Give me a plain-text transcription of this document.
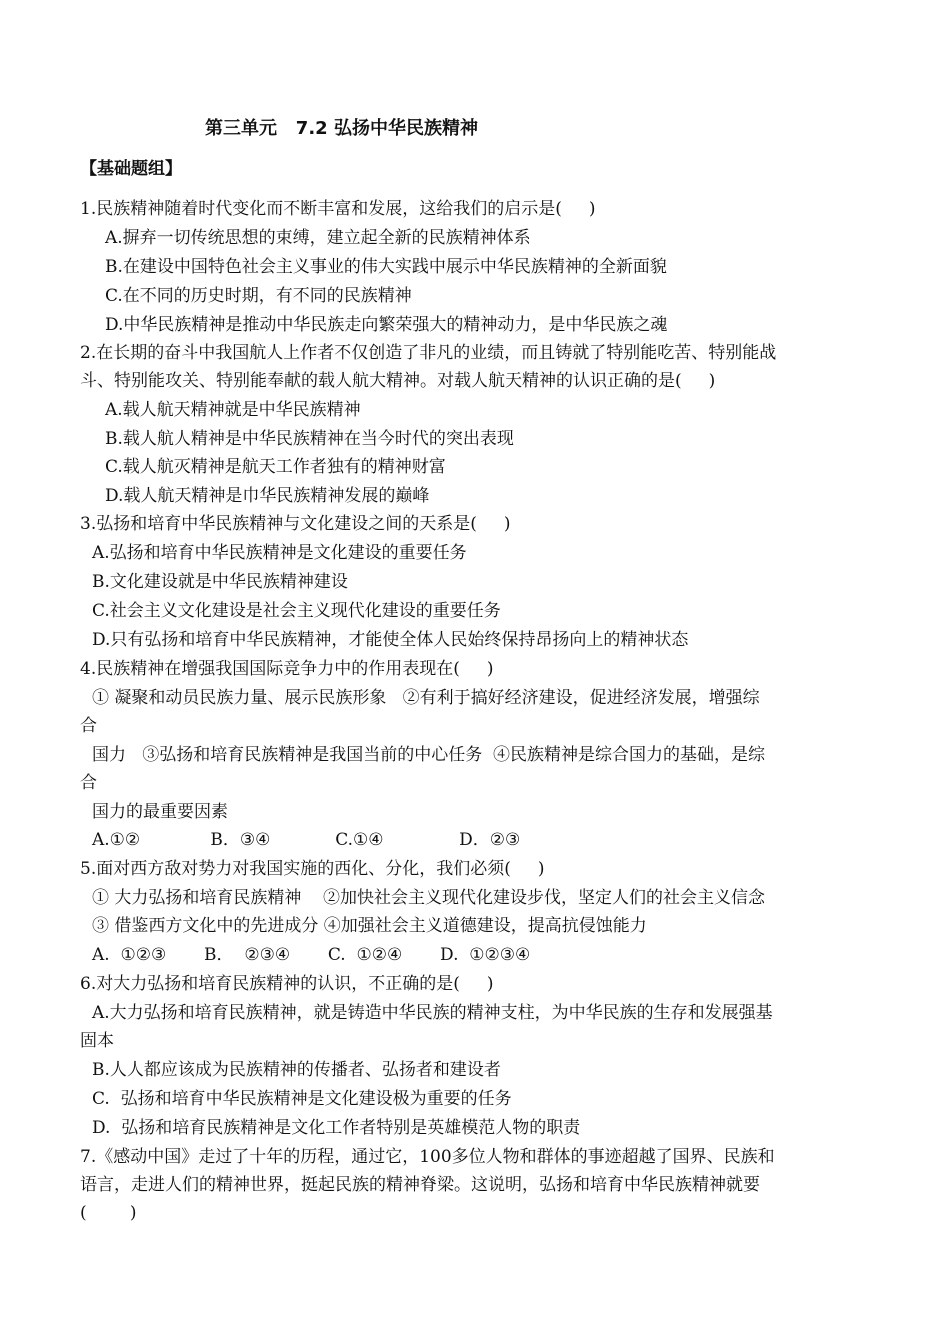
第三单元   7.2 弘扬中华民族精神
【基础题组】
1.民族精神随着时代变化而不断丰富和发展，这给我们的启示是(     )
A.摒弃一切传统思想的束缚，建立起全新的民族精神体系
B.在建设中国特色社会主义事业的伟大实践中展示中华民族精神的全新面貌
C.在不同的历史时期，有不同的民族精神
D.中华民族精神是推动中华民族走向繁荣强大的精神动力，是中华民族之魂
2.在长期的奋斗中我国航人上作者不仅创造了非凡的业绩，而且铸就了特别能吃苦、特别能战
斗、特别能攻关、特别能奉献的载人航大精神。对载人航天精神的认识正确的是(     )
A.载人航天精神就是中华民族精神
B.载人航人精神是中华民族精神在当今时代的突出表现
C.载人航灭精神是航天工作者独有的精神财富
D.载人航天精神是巾华民族精神发展的巅峰
3.弘扬和培育中华民族精神与文化建设之间的天系是(     )
A.弘扬和培育中华民族精神是文化建设的重要任务
B.文化建设就是中华民族精神建设
C.社会主义文化建设是社会主义现代化建设的重要任务
D.只有弘扬和培育中华民族精神，才能使全体人民始终保持昂扬向上的精神状态
4.民族精神在增强我国国际竞争力中的作用表现在(     )
① 凝聚和动员民族力量、展示民族形象   ②有利于搞好经济建设，促进经济发展，增强综
合
国力   ③弘扬和培育民族精神是我国当前的中心任务  ④民族精神是综合国力的基础，是综
合
国力的最重要因素
A.①②             B．③④            C.①④              D．②③
5.面对西方敌对势力对我国实施的西化、分化，我们必须(     )
① 大力弘扬和培育民族精神    ②加快社会主义现代化建设步伐，坚定人们的社会主义信念
③ 借鉴西方文化中的先进成分 ④加强社会主义道德建设，提高抗侵蚀能力
A.  ①②③       B．  ②③④       C.  ①②④       D.  ①②③④
6.对大力弘扬和培育民族精神的认识，不正确的是(     )
A.大力弘扬和培育民族精神，就是铸造中华民族的精神支柱，为中华民族的生存和发展强基
固本
B.人人都应该成为民族精神的传播者、弘扬者和建设者
C.  弘扬和培育中华民族精神是文化建设极为重要的任务
D.  弘扬和培育民族精神是文化工作者特别是英雄模范人物的职责
7.《感动中国》走过了十年的历程，通过它，100多位人物和群体的事迹超越了国界、民族和
语言，走进人们的精神世界，挺起民族的精神脊梁。这说明，弘扬和培育中华民族精神就要
(        )
